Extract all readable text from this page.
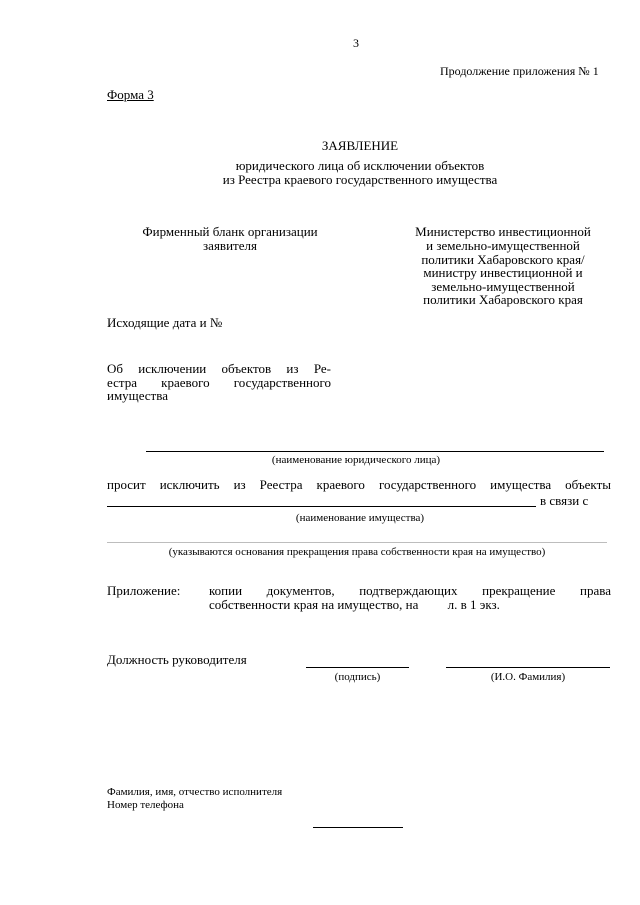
3
Продолжение приложения № 1
Форма 3
ЗАЯВЛЕНИЕ
юридического лица об исключении объектов
из Реестра краевого государственного имущества
Фирменный бланк организации
заявителя
Министерство инвестиционной
и земельно-имущественной
политики Хабаровского края/
министру инвестиционной и
земельно-имущественной
политики Хабаровского края
Исходящие дата и №
Об исключении объектов из Ре-
естра краевого государственного
имущества
(наименование юридического лица)
просит исключить из Реестра краевого государственного имущества объекты
в связи с
(наименование имущества)
(указываются основания прекращения права собственности края на имущество)
Приложение: копии документов, подтверждающих прекращение права
собственности края на имущество, на         л. в 1 экз.
Должность руководителя
(подпись)	(И.О. Фамилия)
Фамилия, имя, отчество исполнителя
Номер телефона
